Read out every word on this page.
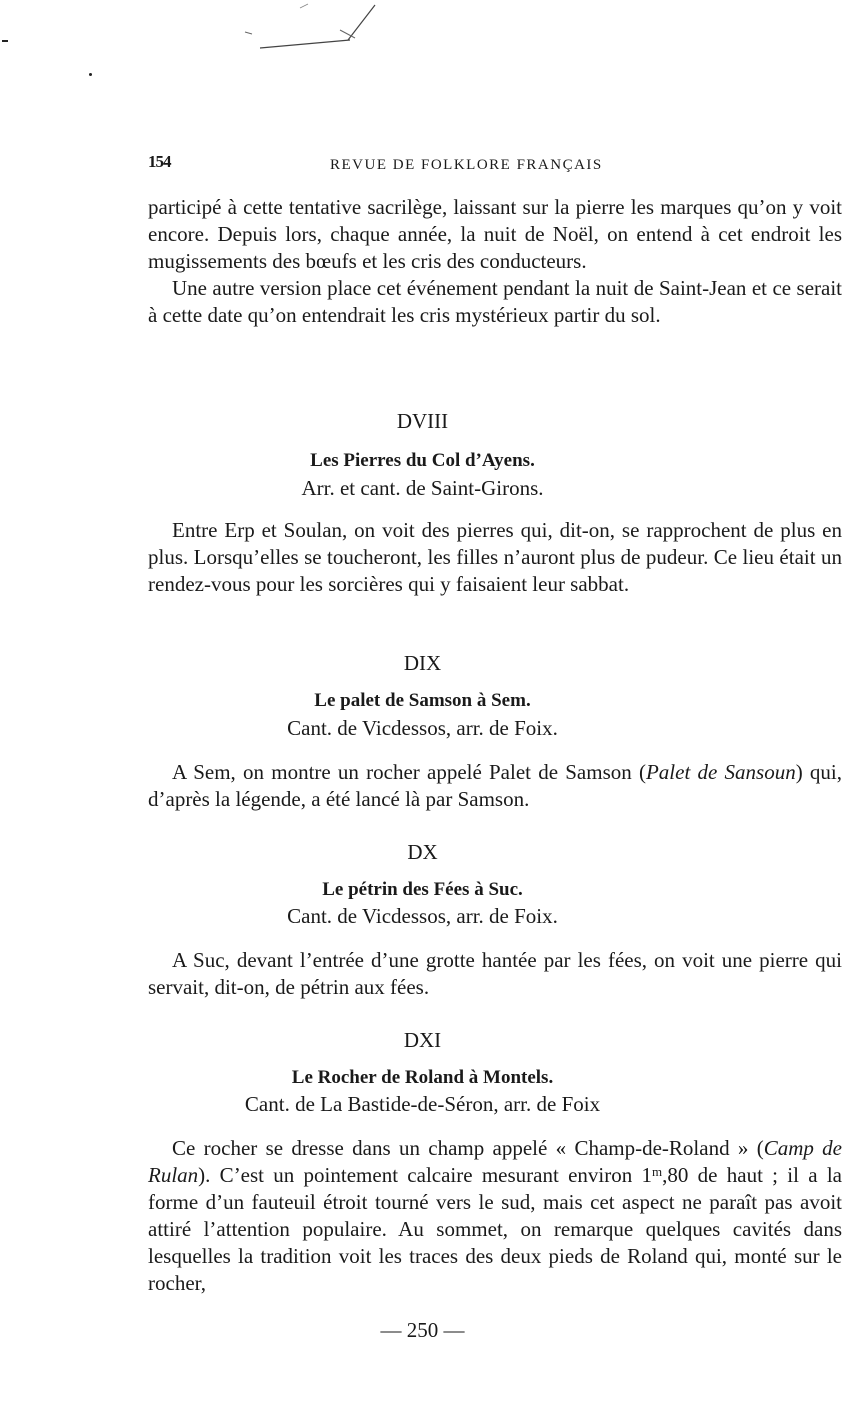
154	REVUE DE FOLKLORE FRANÇAIS

participé à cette tentative sacrilège, laissant sur la pierre les marques qu’on y voit encore. Depuis lors, chaque année, la nuit de Noël, on entend à cet endroit les mugissements des bœufs et les cris des conducteurs.

Une autre version place cet événement pendant la nuit de Saint-Jean et ce serait à cette date qu’on entendrait les cris mystérieux partir du sol.

DVIII
Les Pierres du Col d’Ayens.
Arr. et cant. de Saint-Girons.

Entre Erp et Soulan, on voit des pierres qui, dit-on, se rapprochent de plus en plus. Lorsqu’elles se toucheront, les filles n’auront plus de pudeur. Ce lieu était un rendez-vous pour les sorcières qui y faisaient leur sabbat.

DIX
Le palet de Samson à Sem.
Cant. de Vicdessos, arr. de Foix.

A Sem, on montre un rocher appelé Palet de Samson (Palet de Sansoun) qui, d’après la légende, a été lancé là par Samson.

DX
Le pétrin des Fées à Suc.
Cant. de Vicdessos, arr. de Foix.

A Suc, devant l’entrée d’une grotte hantée par les fées, on voit une pierre qui servait, dit-on, de pétrin aux fées.

DXI
Le Rocher de Roland à Montels.
Cant. de La Bastide-de-Séron, arr. de Foix

Ce rocher se dresse dans un champ appelé « Champ-de-Roland » (Camp de Rulan). C’est un pointement calcaire mesurant environ 1$^m$,80 de haut ; il a la forme d’un fauteuil étroit tourné vers le sud, mais cet aspect ne paraît pas avoit attiré l’attention populaire. Au sommet, on remarque quelques cavités dans lesquelles la tradition voit les traces des deux pieds de Roland qui, monté sur le rocher,

— 250 —
